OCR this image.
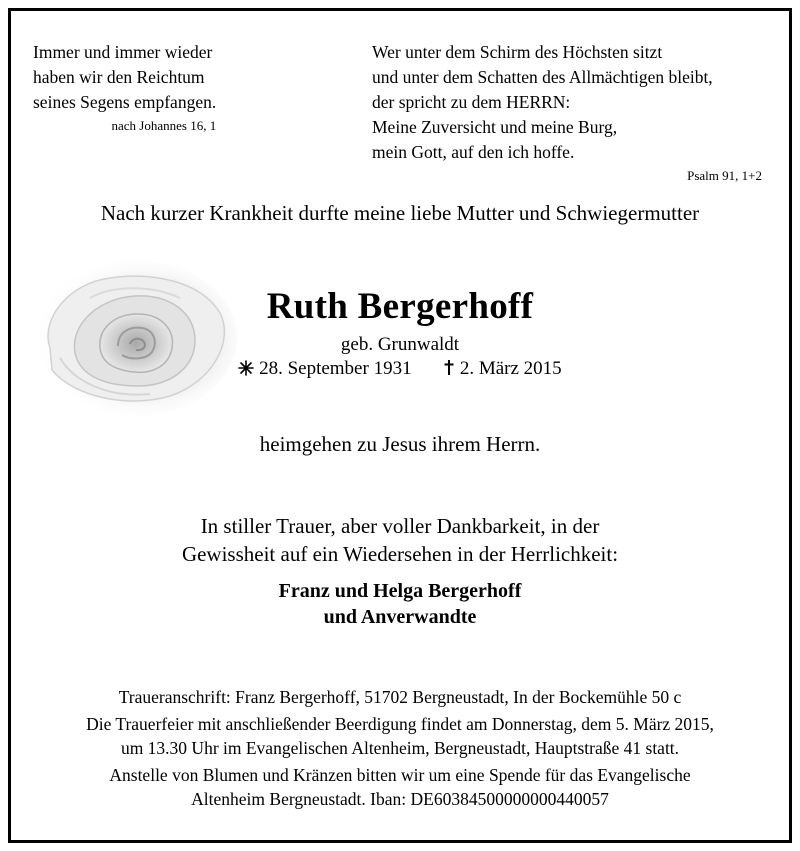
Immer und immer wieder
haben wir den Reichtum
seines Segens empfangen.
nach Johannes 16, 1
Wer unter dem Schirm des Höchsten sitzt
und unter dem Schatten des Allmächtigen bleibt,
der spricht zu dem HERRN:
Meine Zuversicht und meine Burg,
mein Gott, auf den ich hoffe.
Psalm 91, 1+2
Nach kurzer Krankheit durfte meine liebe Mutter und Schwiegermutter
Ruth Bergerhoff
geb. Grunwaldt
28. September 1931	2. März 2015
heimgehen zu Jesus ihrem Herrn.
In stiller Trauer, aber voller Dankbarkeit, in der
Gewissheit auf ein Wiedersehen in der Herrlichkeit:
Franz und Helga Bergerhoff
und Anverwandte
Traueranschrift: Franz Bergerhoff, 51702 Bergneustadt, In der Bockemühle 50 c
Die Trauerfeier mit anschließender Beerdigung findet am Donnerstag, dem 5. März 2015,
um 13.30 Uhr im Evangelischen Altenheim, Bergneustadt, Hauptstraße 41 statt.
Anstelle von Blumen und Kränzen bitten wir um eine Spende für das Evangelische
Altenheim Bergneustadt. Iban: DE60384500000000440057
